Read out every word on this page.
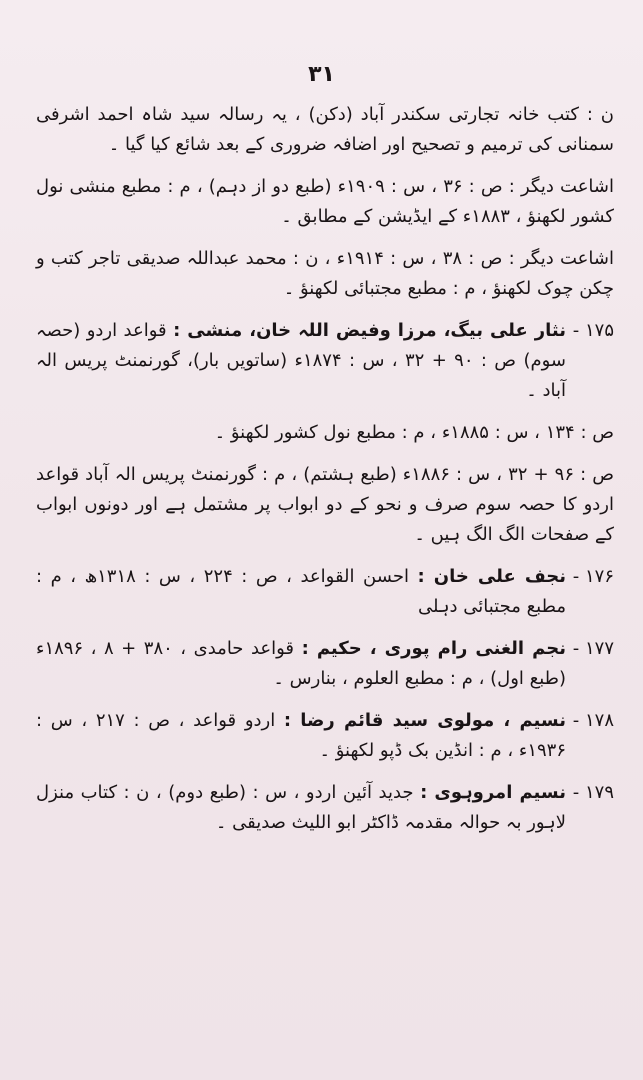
۳۱

ن : کتب خانہ تجارتی سکندر آباد (دکن) ، یہ رسالہ سید شاہ احمد اشرفی سمنانی کی ترمیم و تصحیح اور اضافہ ضروری کے بعد شائع کیا گیا ۔

اشاعت دیگر : ص : ۳۶ ، س : ۱۹۰۹ء (طبع دو از دہم) ، م : مطبع منشی نول کشور لکھنؤ ، ۱۸۸۳ء کے ایڈیشن کے مطابق ۔

اشاعت دیگر : ص : ۳۸ ، س : ۱۹۱۴ء ، ن : محمد عبداللہ صدیقی تاجر کتب و چکن چوک لکھنؤ ، م : مطبع مجتبائی لکھنؤ ۔

۱۷۵ -
نثار علی بیگ، مرزا وفیض اللہ خان، منشی : قواعد اردو (حصہ سوم) ص : ۹۰ + ۳۲ ، س : ۱۸۷۴ء (ساتویں بار)، گورنمنٹ پریس الہ آباد ۔

ص : ۱۳۴ ، س : ۱۸۸۵ء ، م : مطبع نول کشور لکھنؤ ۔

ص : ۹۶ + ۳۲ ، س : ۱۸۸۶ء (طبع ہشتم) ، م : گورنمنٹ پریس الہ آباد قواعد اردو کا حصہ سوم صرف و نحو کے دو ابواب پر مشتمل ہے اور دونوں ابواب کے صفحات الگ الگ ہیں ۔

۱۷۶ -
نجف علی خان : احسن القواعد ، ص : ۲۲۴ ، س : ۱۳۱۸ھ ، م : مطبع مجتبائی دہلی
۱۷۷ -
نجم الغنی رام پوری ، حکیم : قواعد حامدی ، ۳۸۰ + ۸ ، ۱۸۹۶ء (طبع اول) ، م : مطبع العلوم ، بنارس ۔
۱۷۸ -
نسیم ، مولوی سید قائم رضا : اردو قواعد ، ص : ۲۱۷ ، س : ۱۹۳۶ء ، م : انڈین بک ڈپو لکھنؤ ۔
۱۷۹ -
نسیم امروہوی : جدید آئین اردو ، س : (طبع دوم) ، ن : کتاب منزل لاہور بہ حوالہ مقدمہ ڈاکٹر ابو اللیث صدیقی ۔
